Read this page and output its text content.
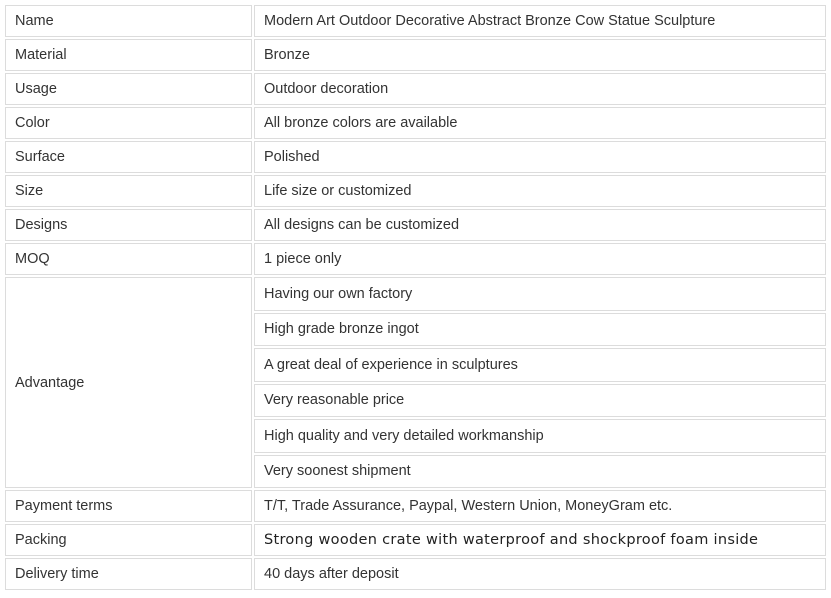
Name	Modern Art Outdoor Decorative Abstract Bronze Cow Statue Sculpture
Material	Bronze
Usage	Outdoor decoration
Color	All bronze colors are available
Surface	Polished
Size	Life size or customized
Designs	All designs can be customized
MOQ	1 piece only
Advantage	Having our own factory
	High grade bronze ingot
	A great deal of experience in sculptures
	Very reasonable price
	High quality and very detailed workmanship
	Very soonest shipment
Payment terms	T/T, Trade Assurance, Paypal, Western Union, MoneyGram etc.
Packing	Strong wooden crate with waterproof and shockproof foam inside
Delivery time	40 days after deposit
